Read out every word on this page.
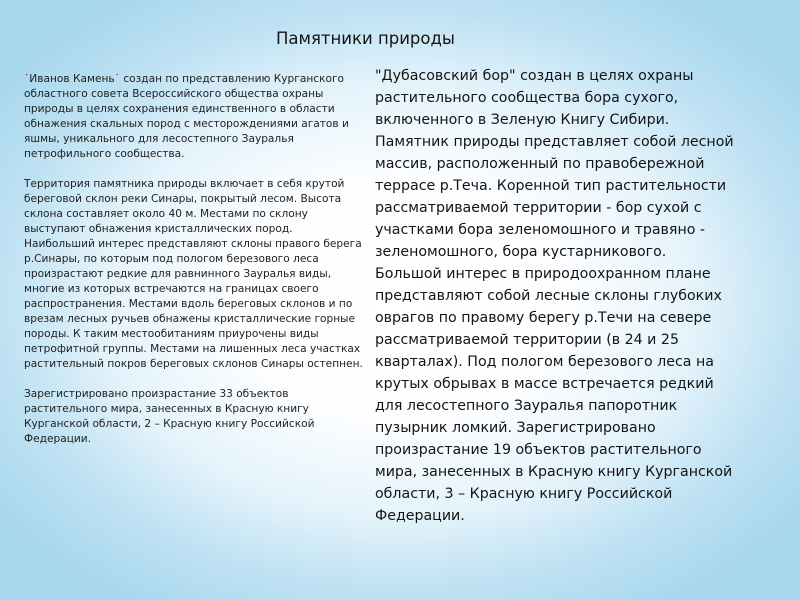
Памятники природы

˙Иванов Камень˙ создан по представлению Курганского областного совета Всероссийского общества охраны природы в целях сохранения единственного в области обнажения скальных пород с месторождениями агатов и яшмы, уникального для лесостепного Зауралья петрофильного сообщества.

Территория памятника природы включает в себя крутой береговой склон реки Синары, покрытый лесом. Высота склона составляет около 40 м. Местами по склону выступают обнажения кристаллических пород. Наибольший интерес представляют склоны правого берега р.Синары, по которым под пологом березового леса произрастают редкие для равнинного Зауралья виды, многие из которых встречаются на границах своего распространения. Местами вдоль береговых склонов и по врезам лесных ручьев обнажены кристаллические горные породы. К таким местообитаниям приурочены виды петрофитной группы. Местами на лишенных леса участках растительный покров береговых склонов Синары остепнен.

Зарегистрировано произрастание 33 объектов растительного мира, занесенных в Красную книгу Курганской области, 2 – Красную книгу Российской Федерации.

"Дубасовский бор" создан в целях охраны растительного сообщества бора сухого, включенного в Зеленую Книгу Сибири. Памятник природы представляет собой лесной массив, расположенный по правобережной террасе р.Теча. Коренной тип растительности рассматриваемой территории - бор сухой с участками бора зеленомошного и травяно - зеленомошного, бора кустарникового.

Большой интерес в природоохранном плане представляют собой лесные склоны глубоких оврагов по правому берегу р.Течи на севере рассматриваемой территории (в 24 и 25 кварталах). Под пологом березового леса на крутых обрывах в массе встречается редкий для лесостепного Зауралья папоротник пузырник ломкий. Зарегистрировано произрастание 19 объектов растительного мира, занесенных в Красную книгу Курганской области, 3 – Красную книгу Российской Федерации.
